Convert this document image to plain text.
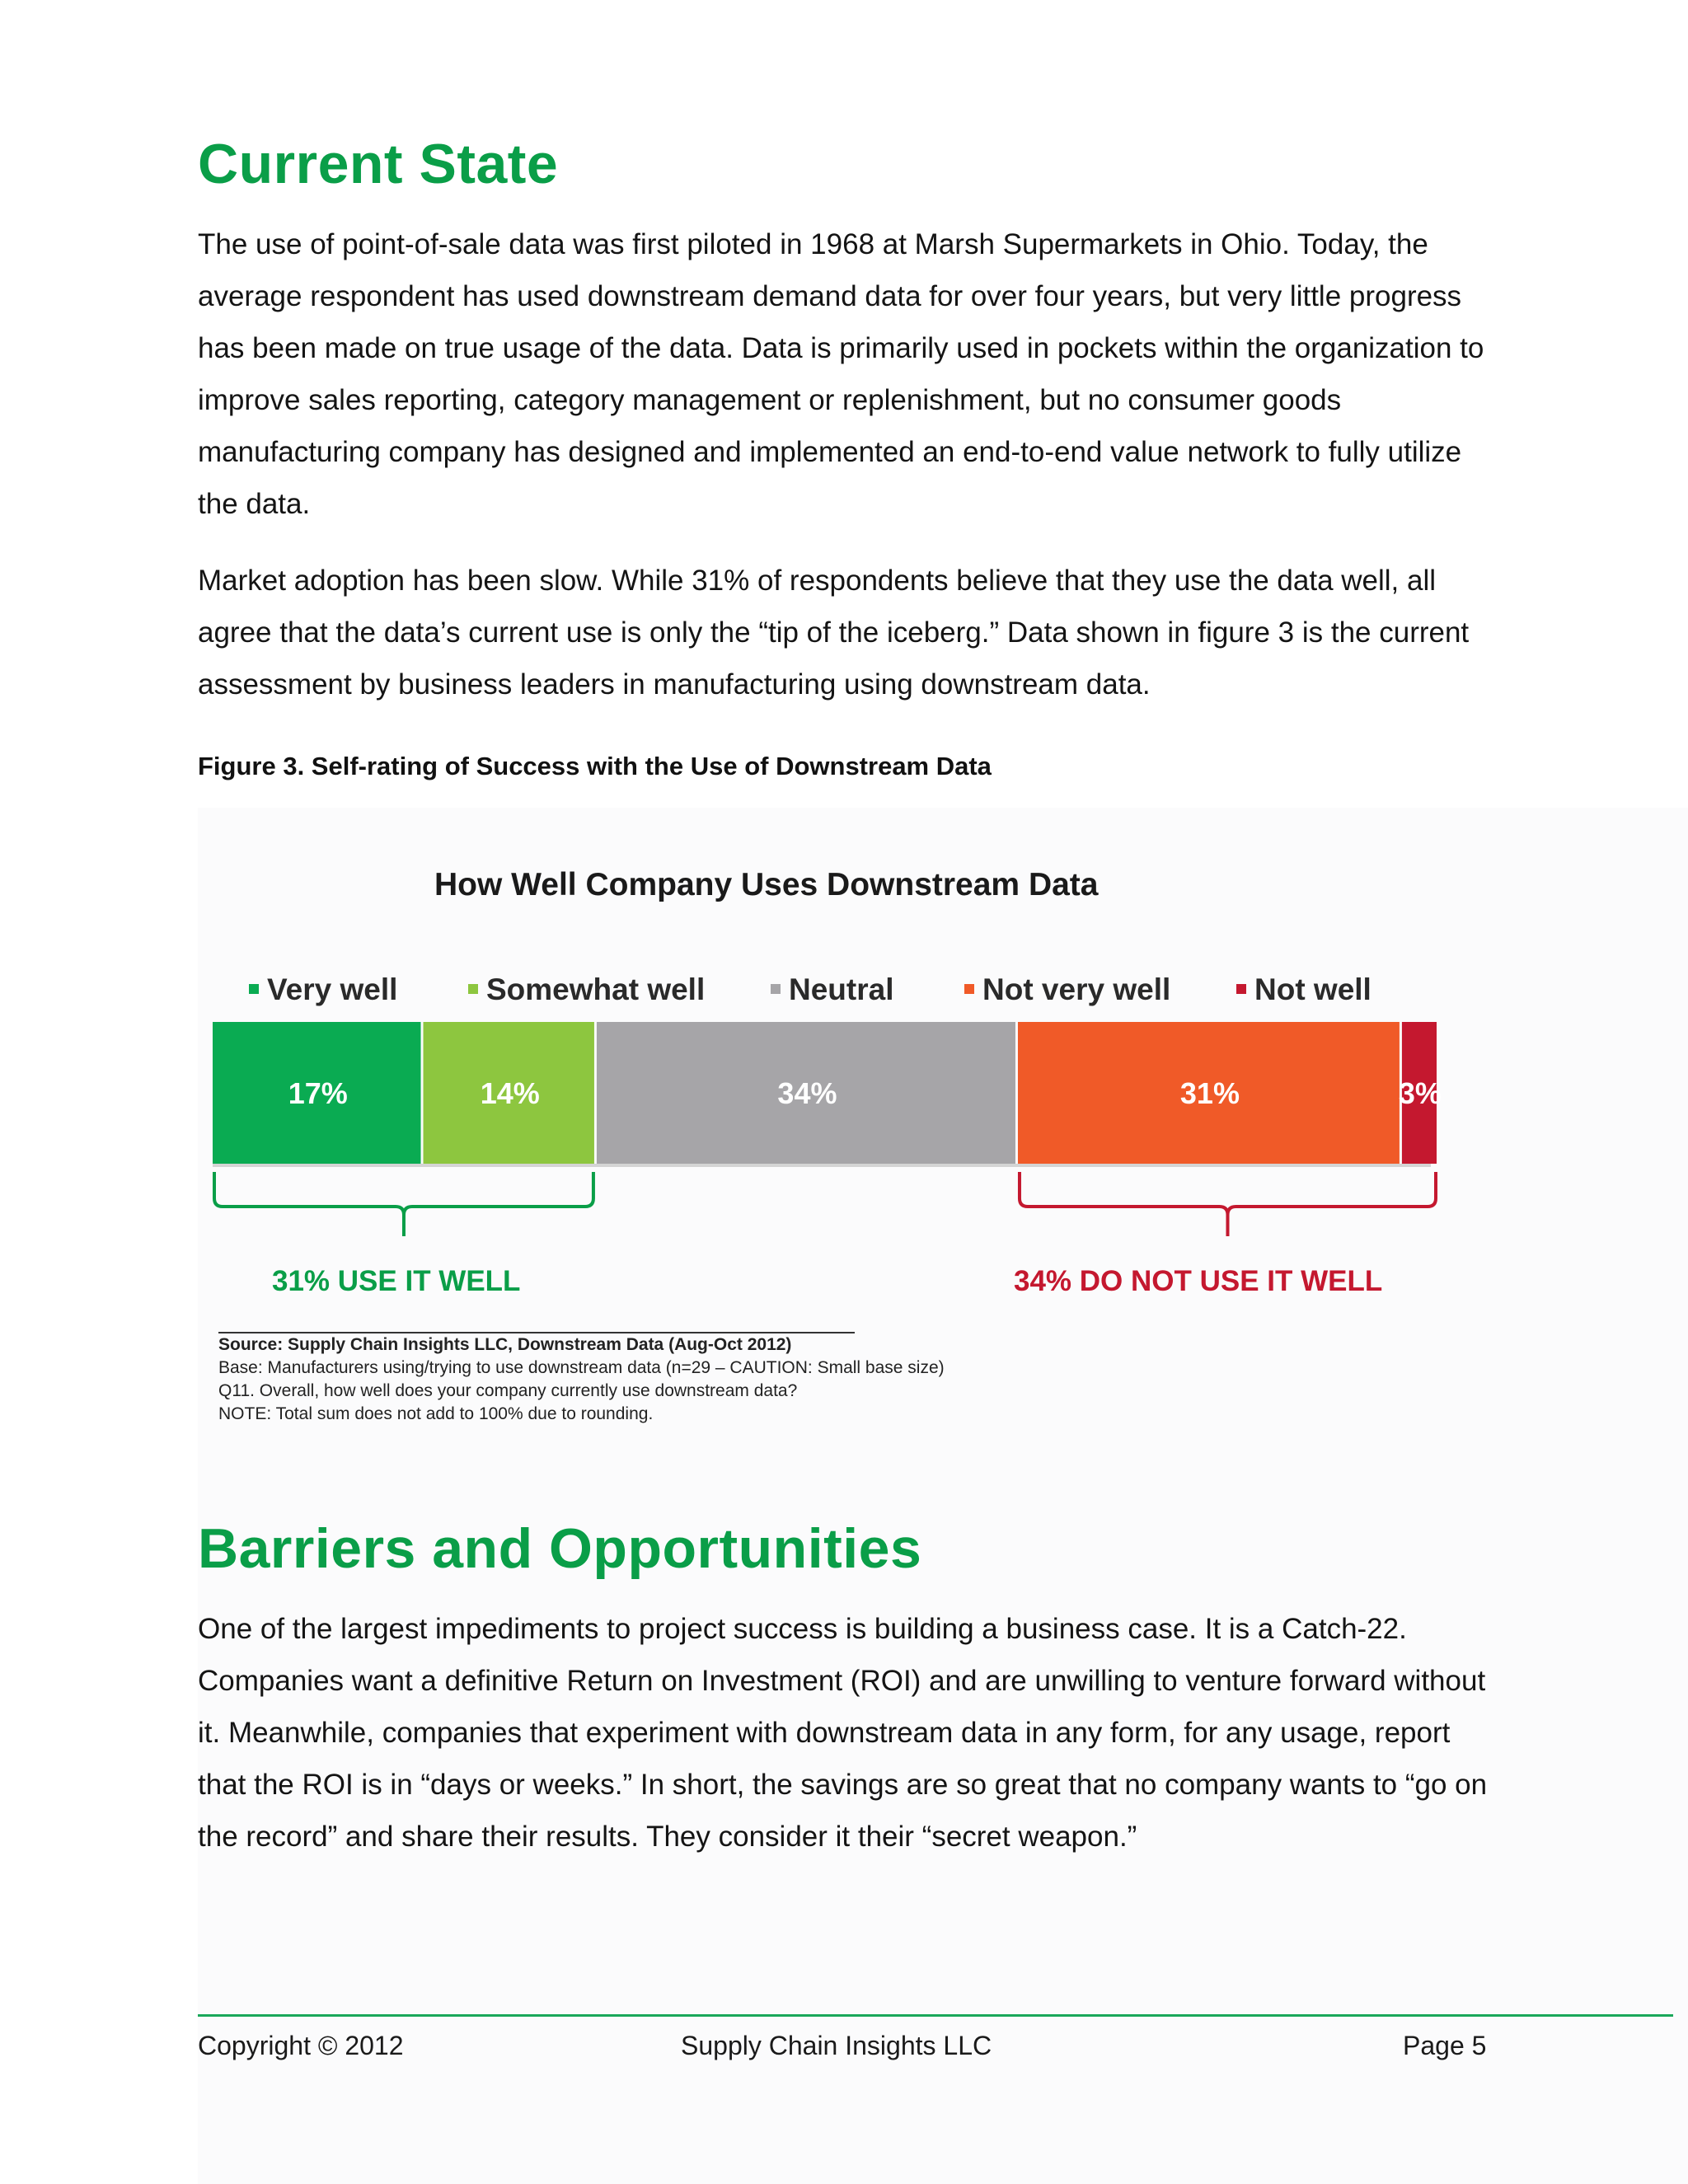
Current State

The use of point-of-sale data was first piloted in 1968 at Marsh Supermarkets in Ohio. Today, the average respondent has used downstream demand data for over four years, but very little progress has been made on true usage of the data. Data is primarily used in pockets within the organization to improve sales reporting, category management or replenishment, but no consumer goods manufacturing company has designed and implemented an end-to-end value network to fully utilize the data.

Market adoption has been slow. While 31% of respondents believe that they use the data well, all agree that the data’s current use is only the “tip of the iceberg.” Data shown in figure 3 is the current assessment by business leaders in manufacturing using downstream data.

Figure 3. Self-rating of Success with the Use of Downstream Data

How Well Company Uses Downstream Data

Very well	Somewhat well	Neutral	Not very well	Not well
17%	14%	34%	31%	3%
31% USE IT WELL	34% DO NOT USE IT WELL
Source: Supply Chain Insights LLC, Downstream Data (Aug-Oct 2012)
Base: Manufacturers using/trying to use downstream data (n=29 – CAUTION: Small base size)
Q11. Overall, how well does your company currently use downstream data?
NOTE: Total sum does not add to 100% due to rounding.
Barriers and Opportunities

One of the largest impediments to project success is building a business case. It is a Catch-22. Companies want a definitive Return on Investment (ROI) and are unwilling to venture forward without it. Meanwhile, companies that experiment with downstream data in any form, for any usage, report that the ROI is in “days or weeks.” In short, the savings are so great that no company wants to “go on the record” and share their results. They consider it their “secret weapon.”

Copyright © 2012	Supply Chain Insights LLC	Page 5
